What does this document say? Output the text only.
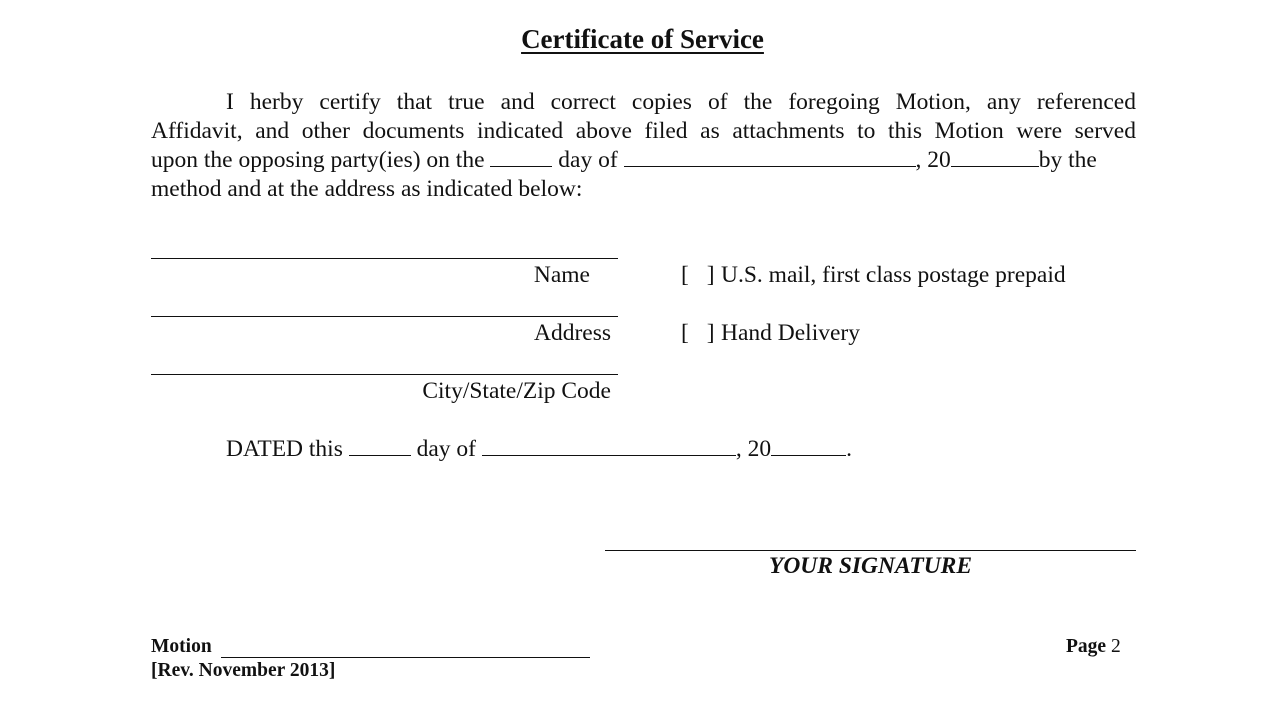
Certificate of Service
I herby certify that true and correct copies of the foregoing Motion, any referenced
Affidavit, and other documents indicated above filed as attachments to this Motion were served
upon the opposing party(ies) on the	day of	, 20	by the
method and at the address as indicated below:
Name
Address
City/State/Zip Code
[ ]U.S. mail, first class postage prepaid
[ ]Hand Delivery
DATED this	day of	, 20	.
YOUR SIGNATURE
Motion
[Rev. November 2013]
Page 2
